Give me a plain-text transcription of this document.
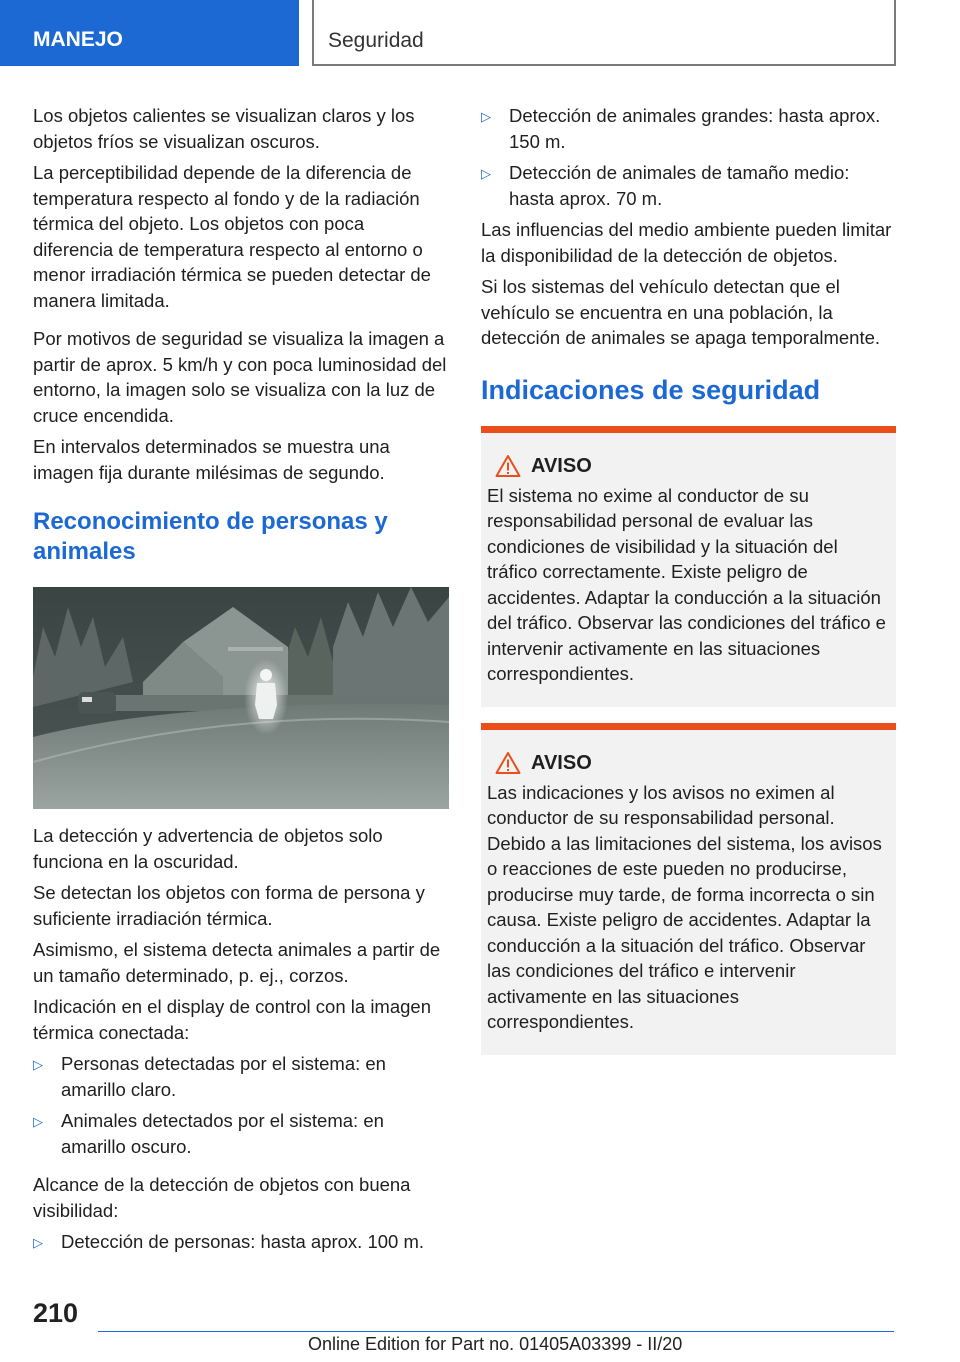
MANEJO	Seguridad

Los objetos calientes se visualizan claros y los objetos fríos se visualizan oscuros.

La perceptibilidad depende de la diferencia de temperatura respecto al fondo y de la radiación térmica del objeto. Los objetos con poca diferencia de temperatura respecto al entorno o menor irradiación térmica se pueden detectar de manera limitada.

Por motivos de seguridad se visualiza la imagen a partir de aprox. 5 km/h y con poca luminosidad del entorno, la imagen solo se visualiza con la luz de cruce encendida.

En intervalos determinados se muestra una imagen fija durante milésimas de segundo.

Reconocimiento de personas y animales

La detección y advertencia de objetos solo funciona en la oscuridad.

Se detectan los objetos con forma de persona y suficiente irradiación térmica.

Asimismo, el sistema detecta animales a partir de un tamaño determinado, p. ej., corzos.

Indicación en el display de control con la imagen térmica conectada:

▷ Personas detectadas por el sistema: en amarillo claro.
▷ Animales detectados por el sistema: en amarillo oscuro.

Alcance de la detección de objetos con buena visibilidad:

▷ Detección de personas: hasta aprox. 100 m.
▷ Detección de animales grandes: hasta aprox. 150 m.
▷ Detección de animales de tamaño medio: hasta aprox. 70 m.

Las influencias del medio ambiente pueden limitar la disponibilidad de la detección de objetos.

Si los sistemas del vehículo detectan que el vehículo se encuentra en una población, la detección de animales se apaga temporalmente.

Indicaciones de seguridad
AVISO
El sistema no exime al conductor de su responsabilidad personal de evaluar las condiciones de visibilidad y la situación del tráfico correctamente. Existe peligro de accidentes. Adaptar la conducción a la situación del tráfico. Observar las condiciones del tráfico e intervenir activamente en las situaciones correspondientes.
AVISO
Las indicaciones y los avisos no eximen al conductor de su responsabilidad personal. Debido a las limitaciones del sistema, los avisos o reacciones de este pueden no producirse, producirse muy tarde, de forma incorrecta o sin causa. Existe peligro de accidentes. Adaptar la conducción a la situación del tráfico. Observar las condiciones del tráfico e intervenir activamente en las situaciones correspondientes.
210
Online Edition for Part no. 01405A03399 - II/20
